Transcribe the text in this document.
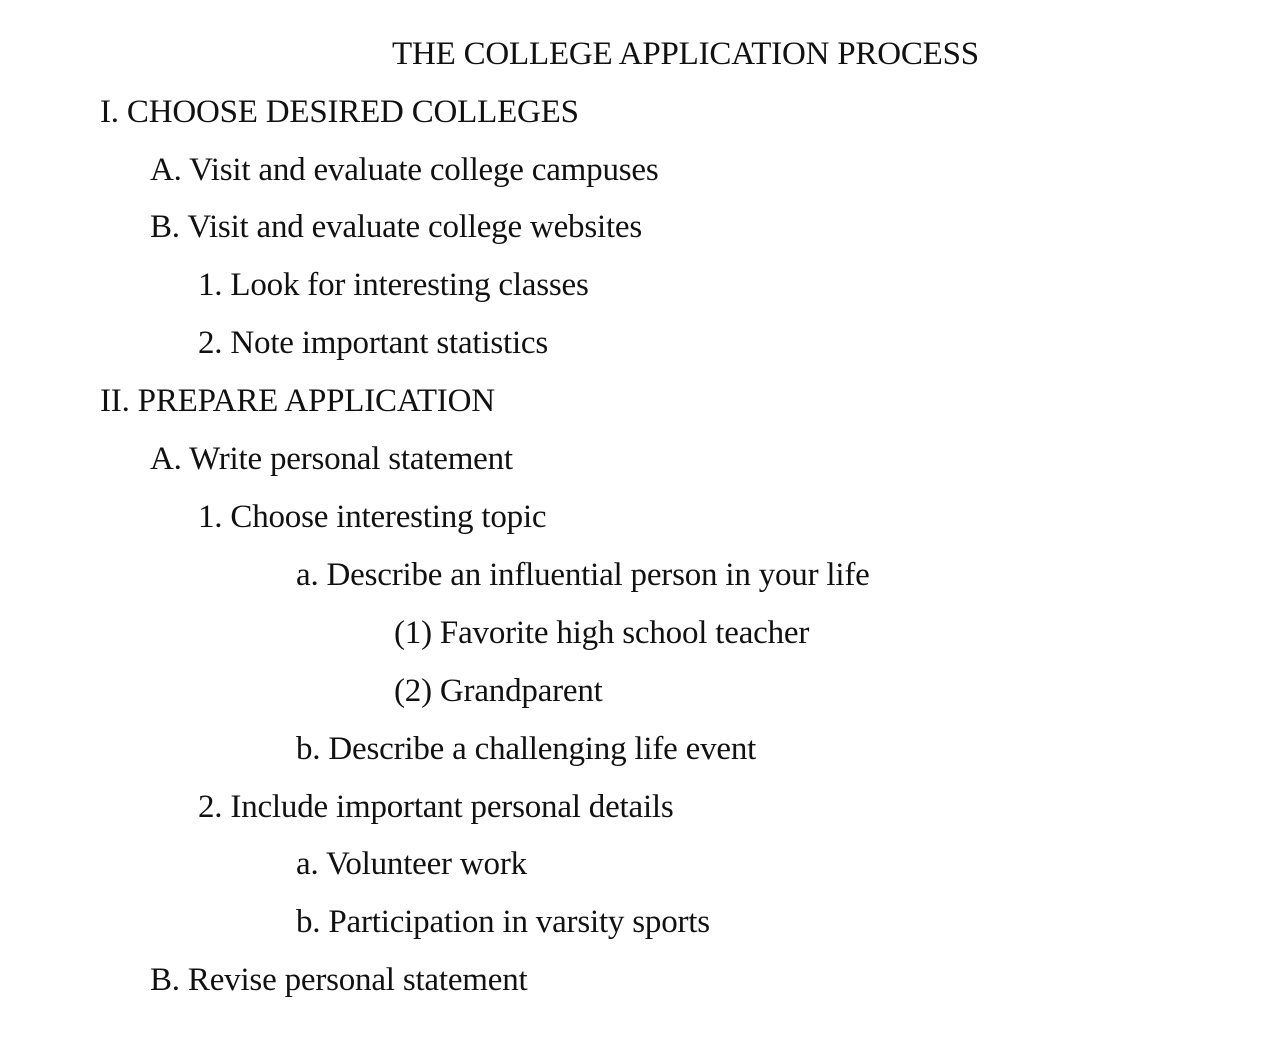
THE COLLEGE APPLICATION PROCESS
I. CHOOSE DESIRED COLLEGES
A. Visit and evaluate college campuses
B. Visit and evaluate college websites
1. Look for interesting classes
2. Note important statistics
II. PREPARE APPLICATION
A. Write personal statement
1. Choose interesting topic
a. Describe an influential person in your life
(1) Favorite high school teacher
(2) Grandparent
b. Describe a challenging life event
2. Include important personal details
a. Volunteer work
b. Participation in varsity sports
B. Revise personal statement
